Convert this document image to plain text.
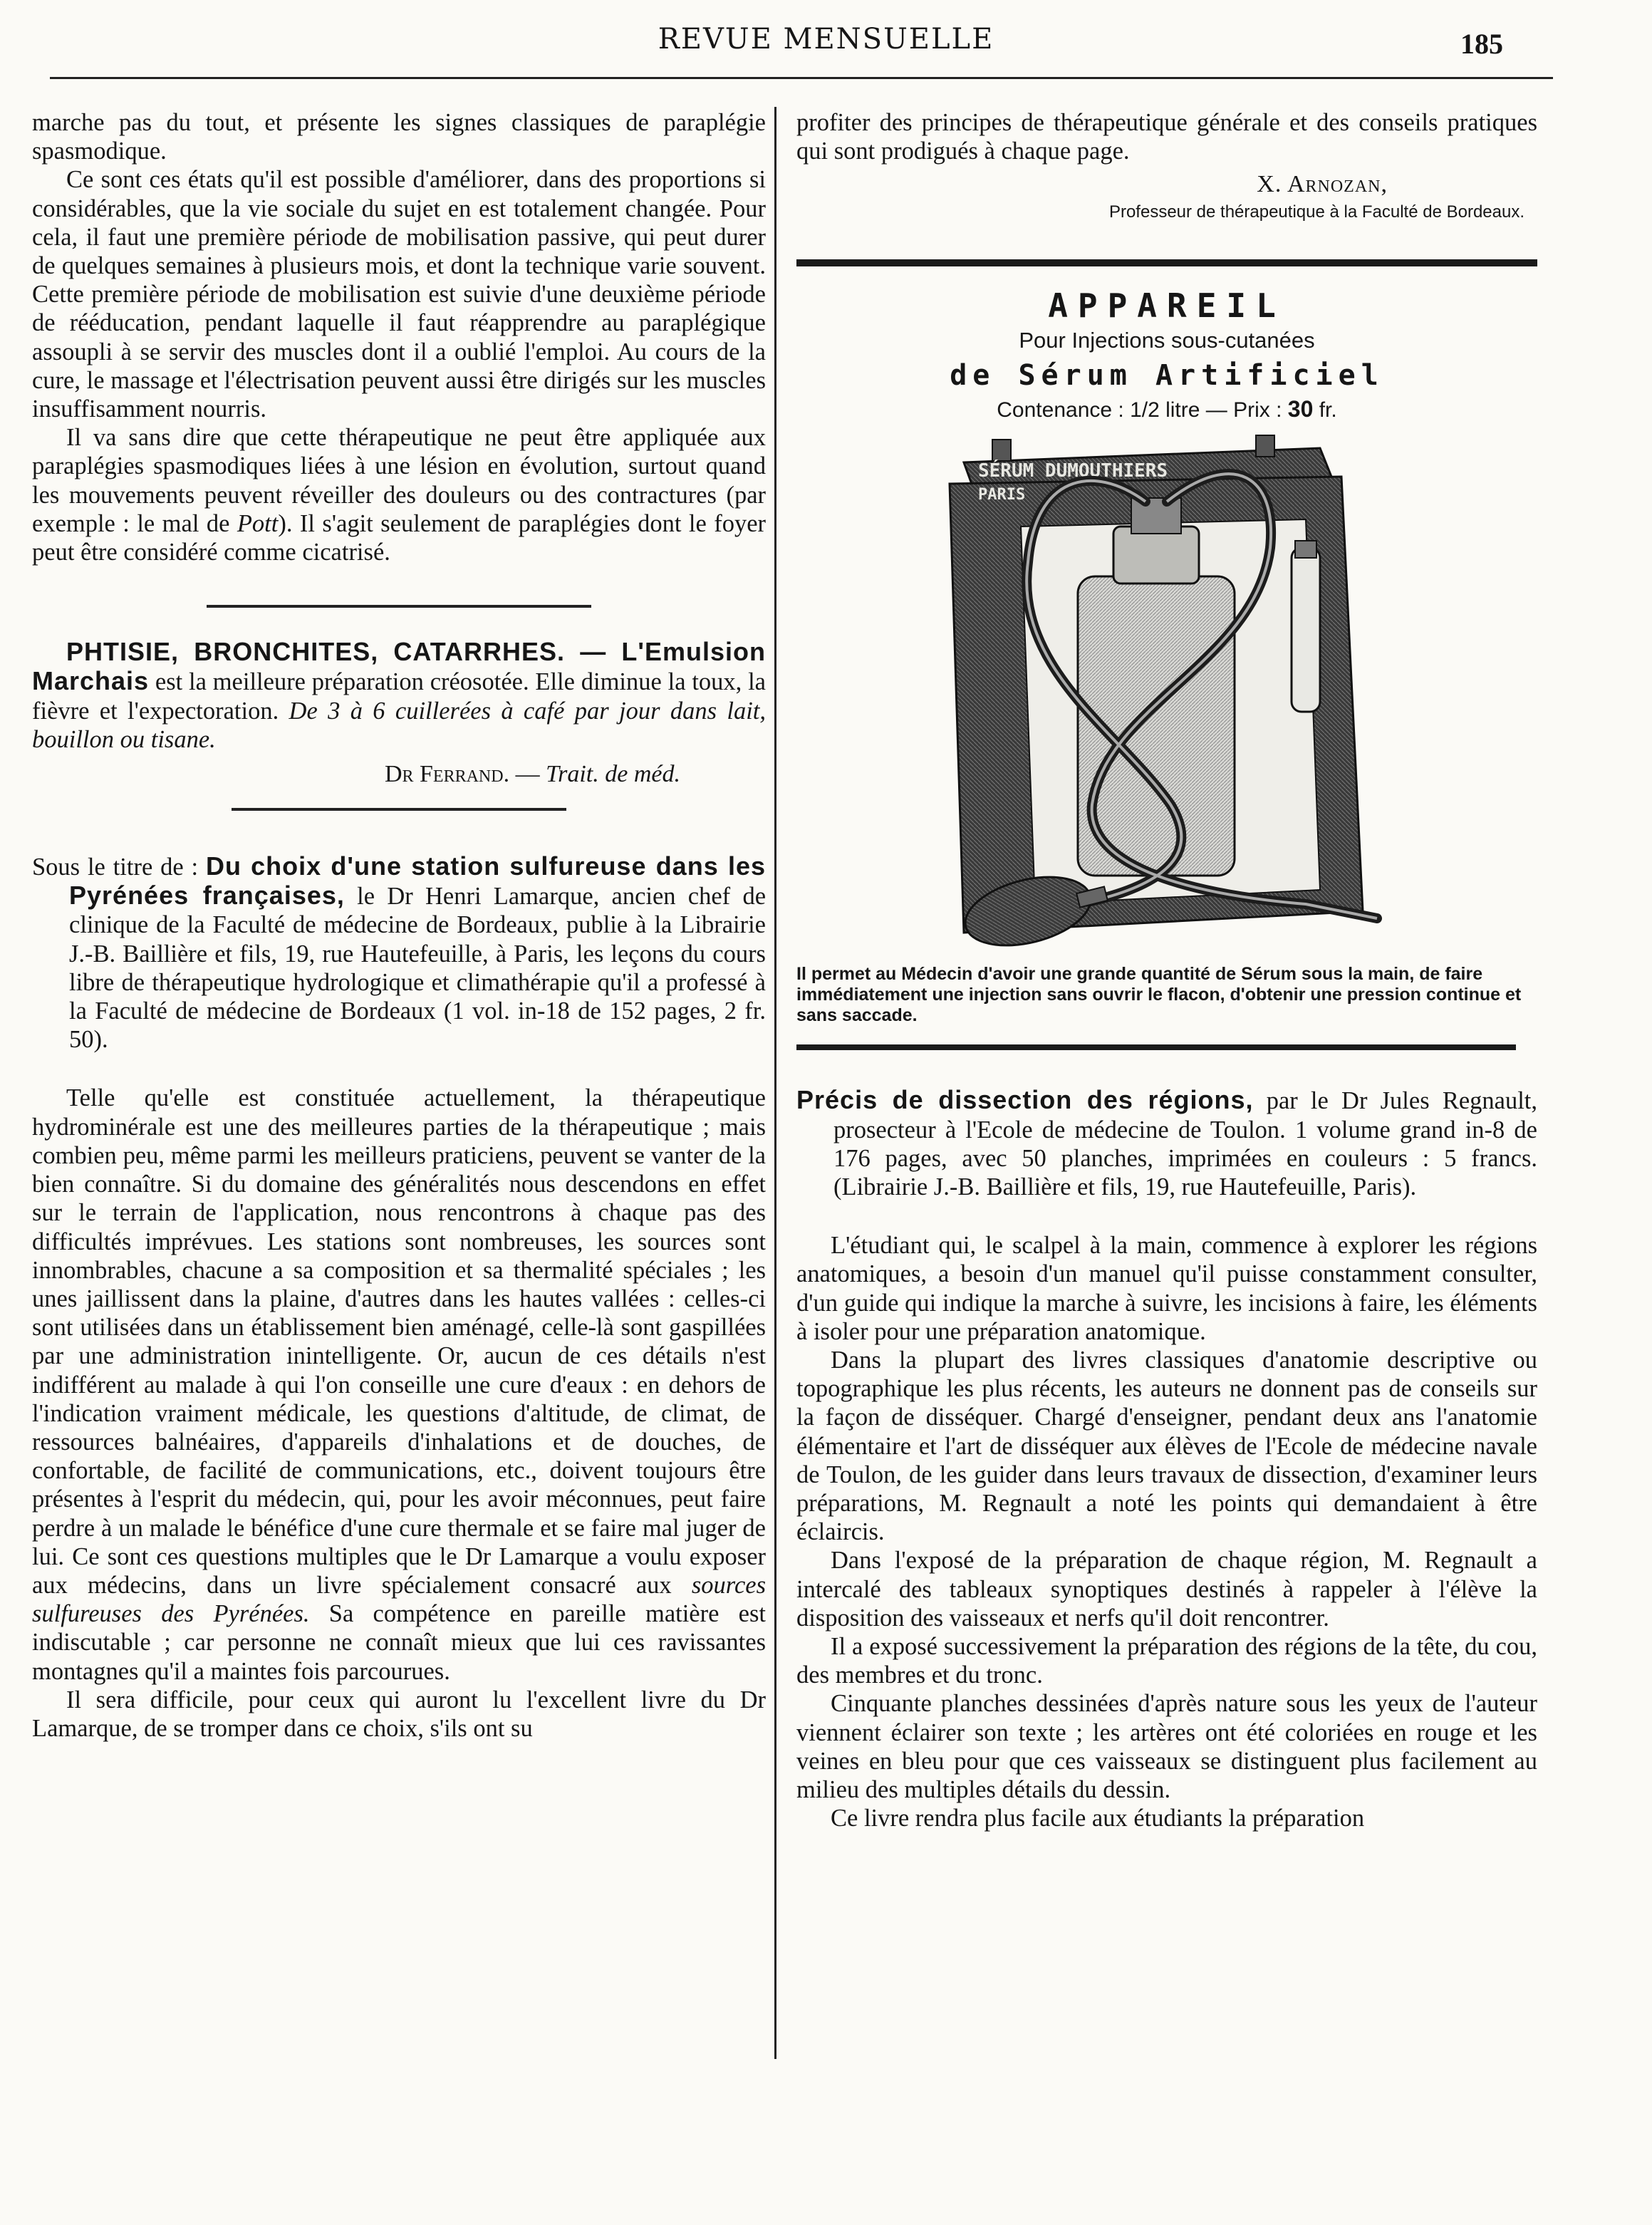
REVUE MENSUELLE	185

marche pas du tout, et présente les signes classiques de paraplégie spasmodique.

Ce sont ces états qu'il est possible d'améliorer, dans des proportions si considérables, que la vie sociale du sujet en est totalement changée. Pour cela, il faut une première période de mobilisation passive, qui peut durer de quelques semaines à plusieurs mois, et dont la technique varie souvent. Cette première période de mobilisation est suivie d'une deuxième période de rééducation, pendant laquelle il faut réapprendre au paraplégique assoupli à se servir des muscles dont il a oublié l'emploi. Au cours de la cure, le massage et l'électrisation peuvent aussi être dirigés sur les muscles insuffisamment nourris.

Il va sans dire que cette thérapeutique ne peut être appliquée aux paraplégies spasmodiques liées à une lésion en évolution, surtout quand les mouvements peuvent réveiller des douleurs ou des contractures (par exemple : le mal de Pott). Il s'agit seulement de paraplégies dont le foyer peut être considéré comme cicatrisé.

PHTISIE, BRONCHITES, CATARRHES. — L'Emulsion Marchais est la meilleure préparation créosotée. Elle diminue la toux, la fièvre et l'expectoration. De 3 à 6 cuillerées à café par jour dans lait, bouillon ou tisane.

Dr Ferrand. — Trait. de méd.

Sous le titre de : Du choix d'une station sulfureuse dans les Pyrénées françaises, le Dr Henri Lamarque, ancien chef de clinique de la Faculté de médecine de Bordeaux, publie à la Librairie J.-B. Baillière et fils, 19, rue Hautefeuille, à Paris, les leçons du cours libre de thérapeutique hydrologique et climathérapie qu'il a professé à la Faculté de médecine de Bordeaux (1 vol. in-18 de 152 pages, 2 fr. 50).

Telle qu'elle est constituée actuellement, la thérapeutique hydrominérale est une des meilleures parties de la thérapeutique ; mais combien peu, même parmi les meilleurs praticiens, peuvent se vanter de la bien connaître. Si du domaine des généralités nous descendons en effet sur le terrain de l'application, nous rencontrons à chaque pas des difficultés imprévues. Les stations sont nombreuses, les sources sont innombrables, chacune a sa composition et sa thermalité spéciales ; les unes jaillissent dans la plaine, d'autres dans les hautes vallées : celles-ci sont utilisées dans un établissement bien aménagé, celle-là sont gaspillées par une administration inintelligente. Or, aucun de ces détails n'est indifférent au malade à qui l'on conseille une cure d'eaux : en dehors de l'indication vraiment médicale, les questions d'altitude, de climat, de ressources balnéaires, d'appareils d'inhalations et de douches, de confortable, de facilité de communications, etc., doivent toujours être présentes à l'esprit du médecin, qui, pour les avoir méconnues, peut faire perdre à un malade le bénéfice d'une cure thermale et se faire mal juger de lui. Ce sont ces questions multiples que le Dr Lamarque a voulu exposer aux médecins, dans un livre spécialement consacré aux sources sulfureuses des Pyrénées. Sa compétence en pareille matière est indiscutable ; car personne ne connaît mieux que lui ces ravissantes montagnes qu'il a maintes fois parcourues.

Il sera difficile, pour ceux qui auront lu l'excellent livre du Dr Lamarque, de se tromper dans ce choix, s'ils ont su

profiter des principes de thérapeutique générale et des conseils pratiques qui sont prodigués à chaque page.

X. Arnozan,
Professeur de thérapeutique à la Faculté de Bordeaux.
APPAREIL
Pour Injections sous-cutanées
de Sérum Artificiel
Contenance : 1/2 litre — Prix : 30 fr.
SÉRUM DUMOUTHIERS
PARIS
Il permet au Médecin d'avoir une grande quantité de Sérum sous la main, de faire immédiatement une injection sans ouvrir le flacon, d'obtenir une pression continue et sans saccade.

Précis de dissection des régions, par le Dr Jules Regnault, prosecteur à l'Ecole de médecine de Toulon. 1 volume grand in-8 de 176 pages, avec 50 planches, imprimées en couleurs : 5 francs. (Librairie J.-B. Baillière et fils, 19, rue Hautefeuille, Paris).

L'étudiant qui, le scalpel à la main, commence à explorer les régions anatomiques, a besoin d'un manuel qu'il puisse constamment consulter, d'un guide qui indique la marche à suivre, les incisions à faire, les éléments à isoler pour une préparation anatomique.

Dans la plupart des livres classiques d'anatomie descriptive ou topographique les plus récents, les auteurs ne donnent pas de conseils sur la façon de disséquer. Chargé d'enseigner, pendant deux ans l'anatomie élémentaire et l'art de disséquer aux élèves de l'Ecole de médecine navale de Toulon, de les guider dans leurs travaux de dissection, d'examiner leurs préparations, M. Regnault a noté les points qui demandaient à être éclaircis.

Dans l'exposé de la préparation de chaque région, M. Regnault a intercalé des tableaux synoptiques destinés à rappeler à l'élève la disposition des vaisseaux et nerfs qu'il doit rencontrer.

Il a exposé successivement la préparation des régions de la tête, du cou, des membres et du tronc.

Cinquante planches dessinées d'après nature sous les yeux de l'auteur viennent éclairer son texte ; les artères ont été coloriées en rouge et les veines en bleu pour que ces vaisseaux se distinguent plus facilement au milieu des multiples détails du dessin.

Ce livre rendra plus facile aux étudiants la préparation
